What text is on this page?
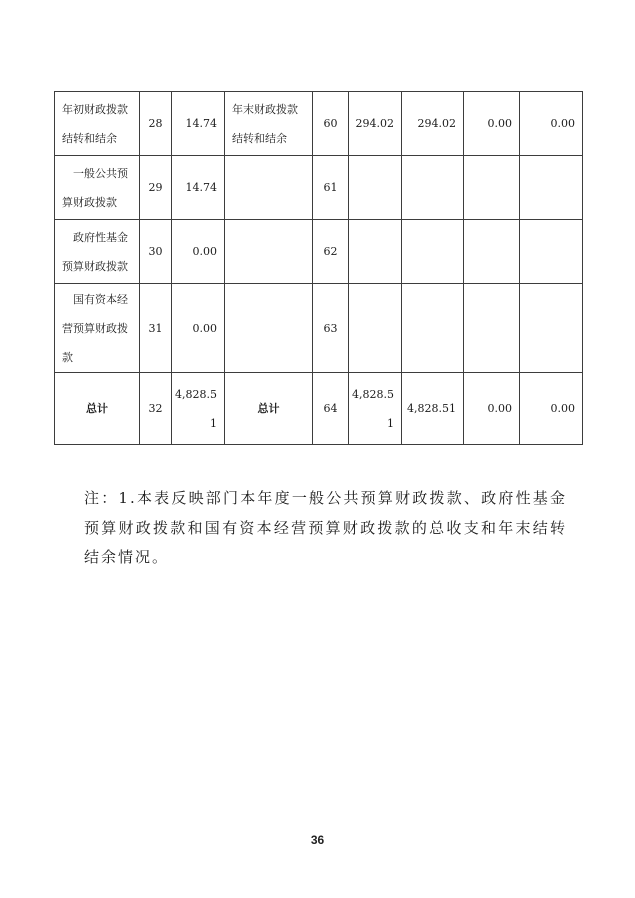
年初财政拨款结转和结余	28	14.74	年末财政拨款结转和结余	60	294.02	294.02	0.00	0.00
一般公共预算财政拨款	29	14.74		61				
政府性基金预算财政拨款	30	0.00		62				
国有资本经营预算财政拨款	31	0.00		63				
总计	32	4,828.51	总计	64	4,828.51	4,828.51	0.00	0.00
注：1.本表反映部门本年度一般公共预算财政拨款、政府性基金预算财政拨款和国有资本经营预算财政拨款的总收支和年末结转结余情况。
36
